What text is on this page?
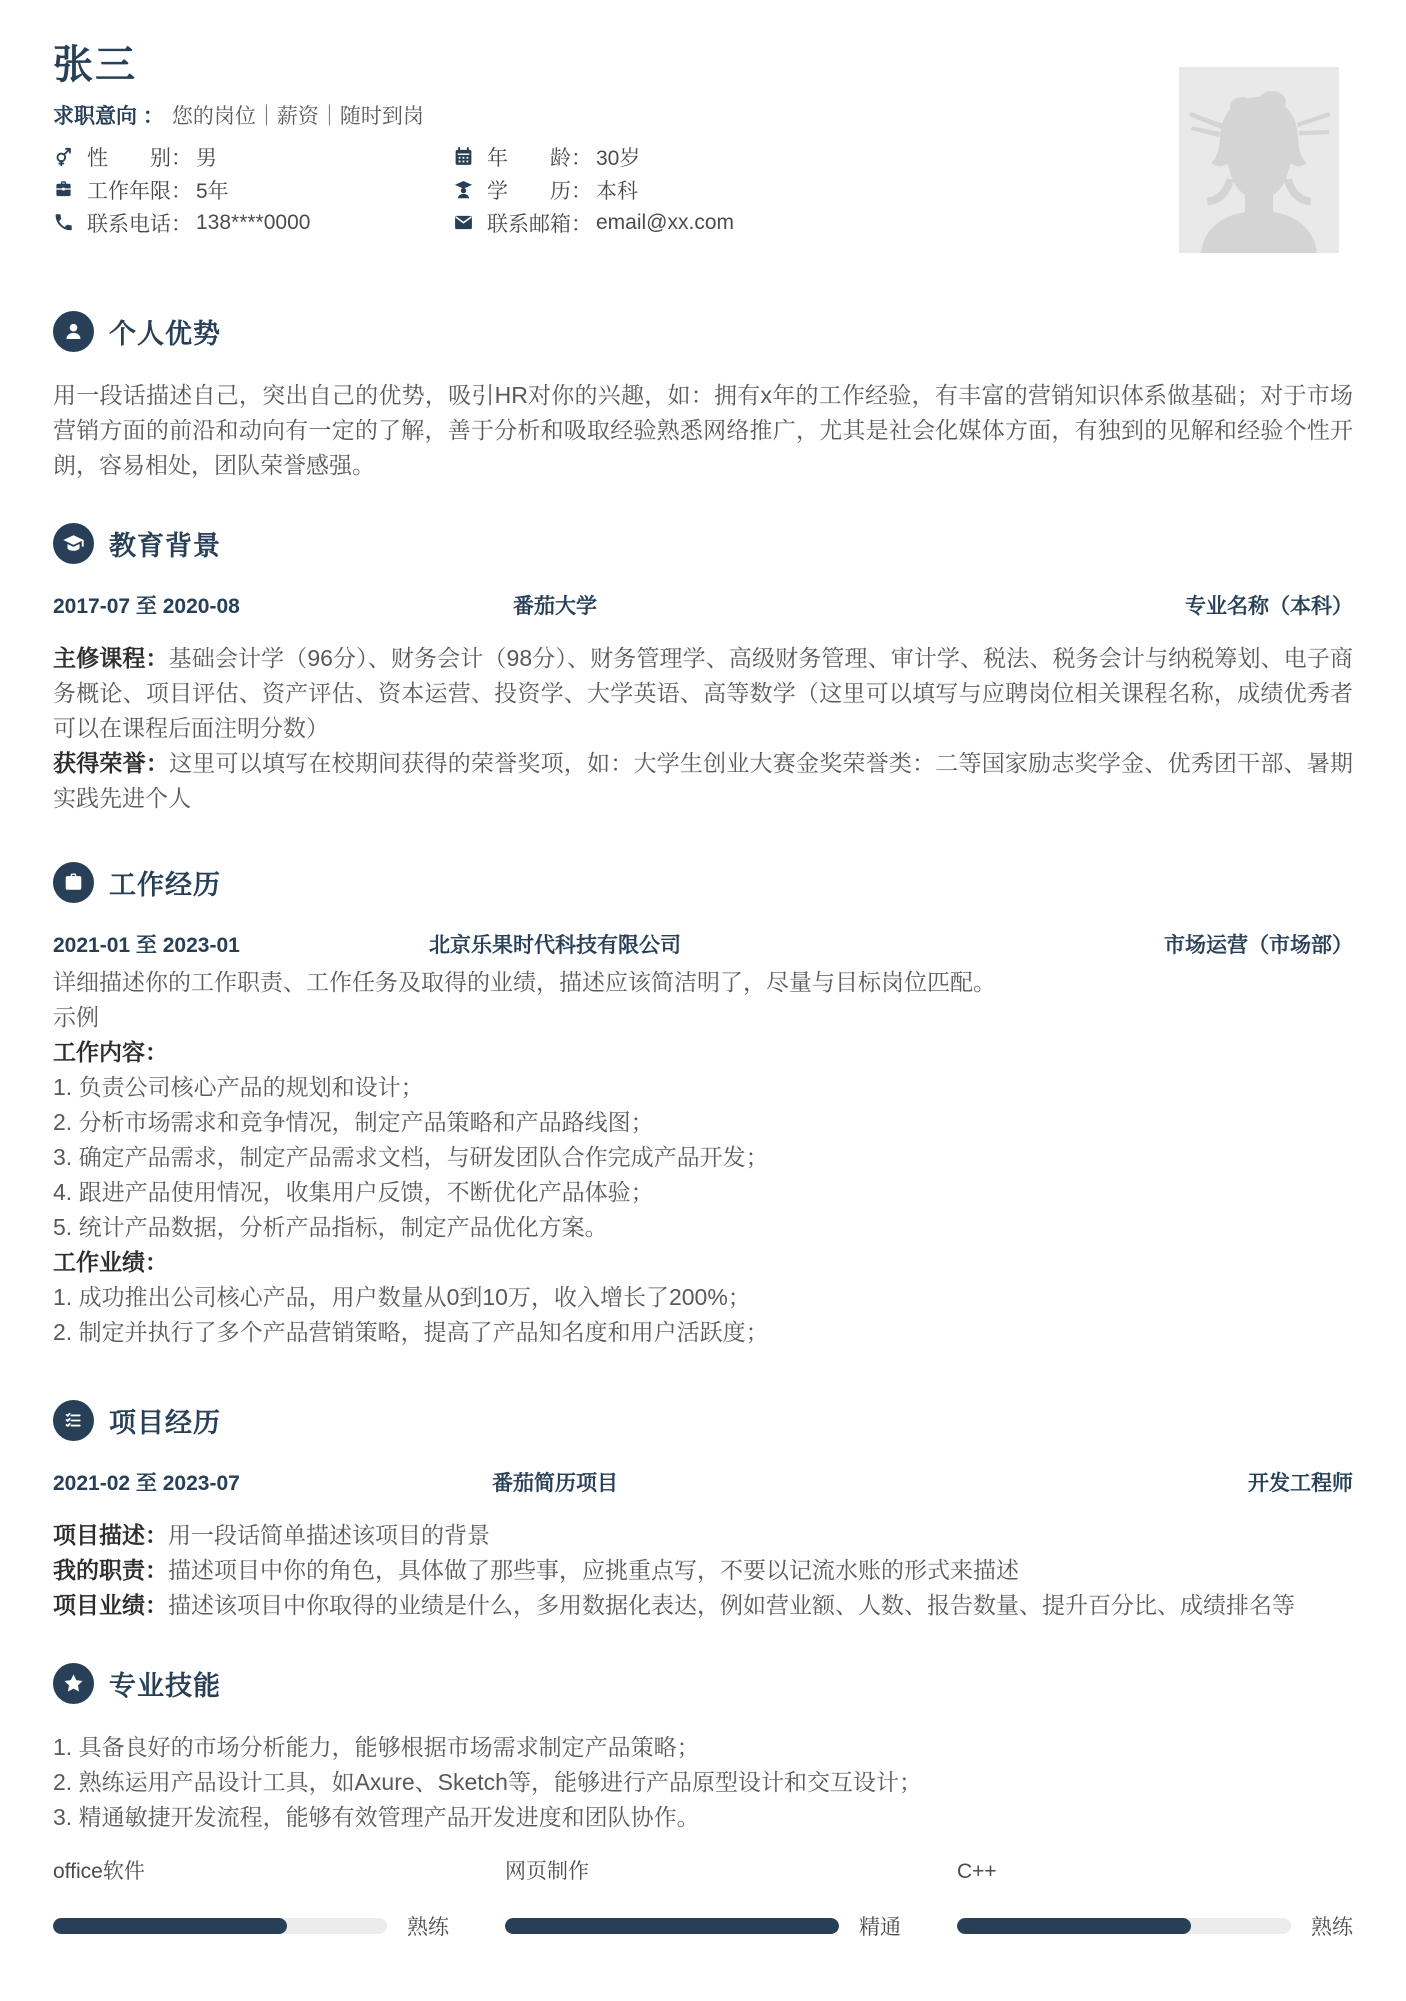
张三

求职意向 ： 您的岗位｜薪资｜随时到岗

性　　别： 男	年　　龄： 30岁
工作年限： 5年	学　　历： 本科
联系电话： 138****0000	联系邮箱： email@xx.com
个人优势

用一段话描述自己，突出自己的优势，吸引HR对你的兴趣，如：拥有x年的工作经验，有丰富的营销知识体系做基础；对于市场营销方面的前沿和动向有一定的了解，善于分析和吸取经验熟悉网络推广，尤其是社会化媒体方面，有独到的见解和经验个性开朗，容易相处，团队荣誉感强。

教育背景
2017-07 至 2020-08	番茄大学	专业名称（本科）

主修课程：基础会计学（96分）、财务会计（98分）、财务管理学、高级财务管理、审计学、税法、税务会计与纳税筹划、电子商务概论、项目评估、资产评估、资本运营、投资学、大学英语、高等数学（这里可以填写与应聘岗位相关课程名称，成绩优秀者可以在课程后面注明分数）

获得荣誉：这里可以填写在校期间获得的荣誉奖项，如：大学生创业大赛金奖荣誉类：二等国家励志奖学金、优秀团干部、暑期实践先进个人

工作经历
2021-01 至 2023-01	北京乐果时代科技有限公司	市场运营（市场部）

详细描述你的工作职责、工作任务及取得的业绩，描述应该简洁明了，尽量与目标岗位匹配。

示例

工作内容：

1. 负责公司核心产品的规划和设计；

2. 分析市场需求和竞争情况，制定产品策略和产品路线图；

3. 确定产品需求，制定产品需求文档，与研发团队合作完成产品开发；

4. 跟进产品使用情况，收集用户反馈，不断优化产品体验；

5. 统计产品数据，分析产品指标，制定产品优化方案。

工作业绩：

1. 成功推出公司核心产品，用户数量从0到10万，收入增长了200%；

2. 制定并执行了多个产品营销策略，提高了产品知名度和用户活跃度；

项目经历
2021-02 至 2023-07	番茄简历项目	开发工程师

项目描述：用一段话简单描述该项目的背景

我的职责：描述项目中你的角色，具体做了那些事，应挑重点写，不要以记流水账的形式来描述

项目业绩：描述该项目中你取得的业绩是什么，多用数据化表达，例如营业额、人数、报告数量、提升百分比、成绩排名等

专业技能

1. 具备良好的市场分析能力，能够根据市场需求制定产品策略；

2. 熟练运用产品设计工具，如Axure、Sketch等，能够进行产品原型设计和交互设计；

3. 精通敏捷开发流程，能够有效管理产品开发进度和团队协作。

office软件
熟练
网页制作
精通
C++
熟练
